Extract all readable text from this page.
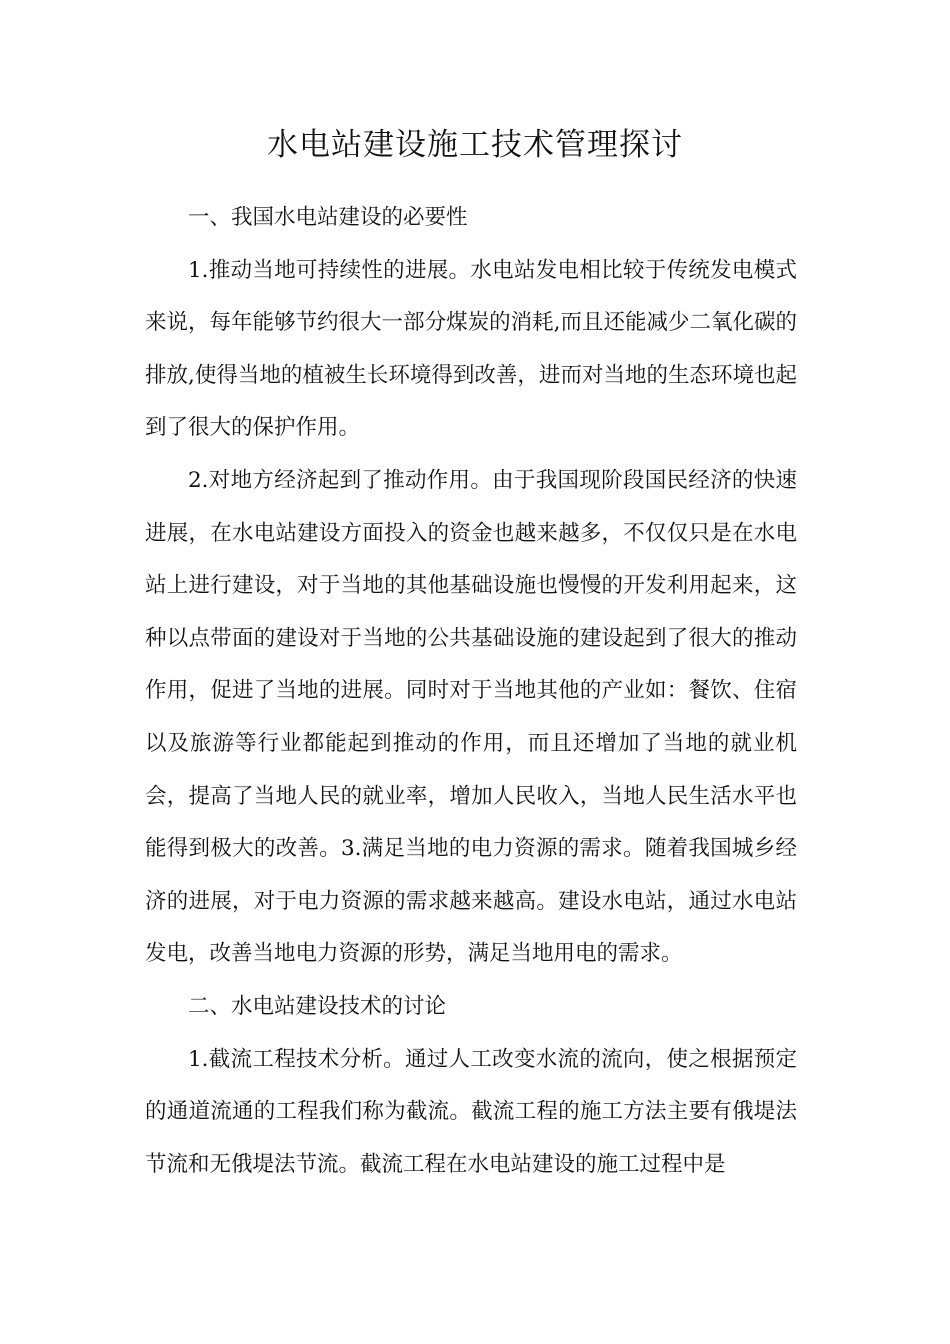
水电站建设施工技术管理探讨

一、我国水电站建设的必要性

1.推动当地可持续性的进展。水电站发电相比较于传统发电模式来说，每年能够节约很大一部分煤炭的消耗,而且还能减少二氧化碳的排放,使得当地的植被生长环境得到改善，进而对当地的生态环境也起到了很大的保护作用。

2.对地方经济起到了推动作用。由于我国现阶段国民经济的快速进展，在水电站建设方面投入的资金也越来越多，不仅仅只是在水电站上进行建设，对于当地的其他基础设施也慢慢的开发利用起来，这种以点带面的建设对于当地的公共基础设施的建设起到了很大的推动作用，促进了当地的进展。同时对于当地其他的产业如：餐饮、住宿以及旅游等行业都能起到推动的作用，而且还增加了当地的就业机会，提高了当地人民的就业率，增加人民收入，当地人民生活水平也能得到极大的改善。3.满足当地的电力资源的需求。随着我国城乡经济的进展，对于电力资源的需求越来越高。建设水电站，通过水电站发电，改善当地电力资源的形势，满足当地用电的需求。

二、水电站建设技术的讨论

1.截流工程技术分析。通过人工改变水流的流向，使之根据预定的通道流通的工程我们称为截流。截流工程的施工方法主要有俄堤法节流和无俄堤法节流。截流工程在水电站建设的施工过程中是
